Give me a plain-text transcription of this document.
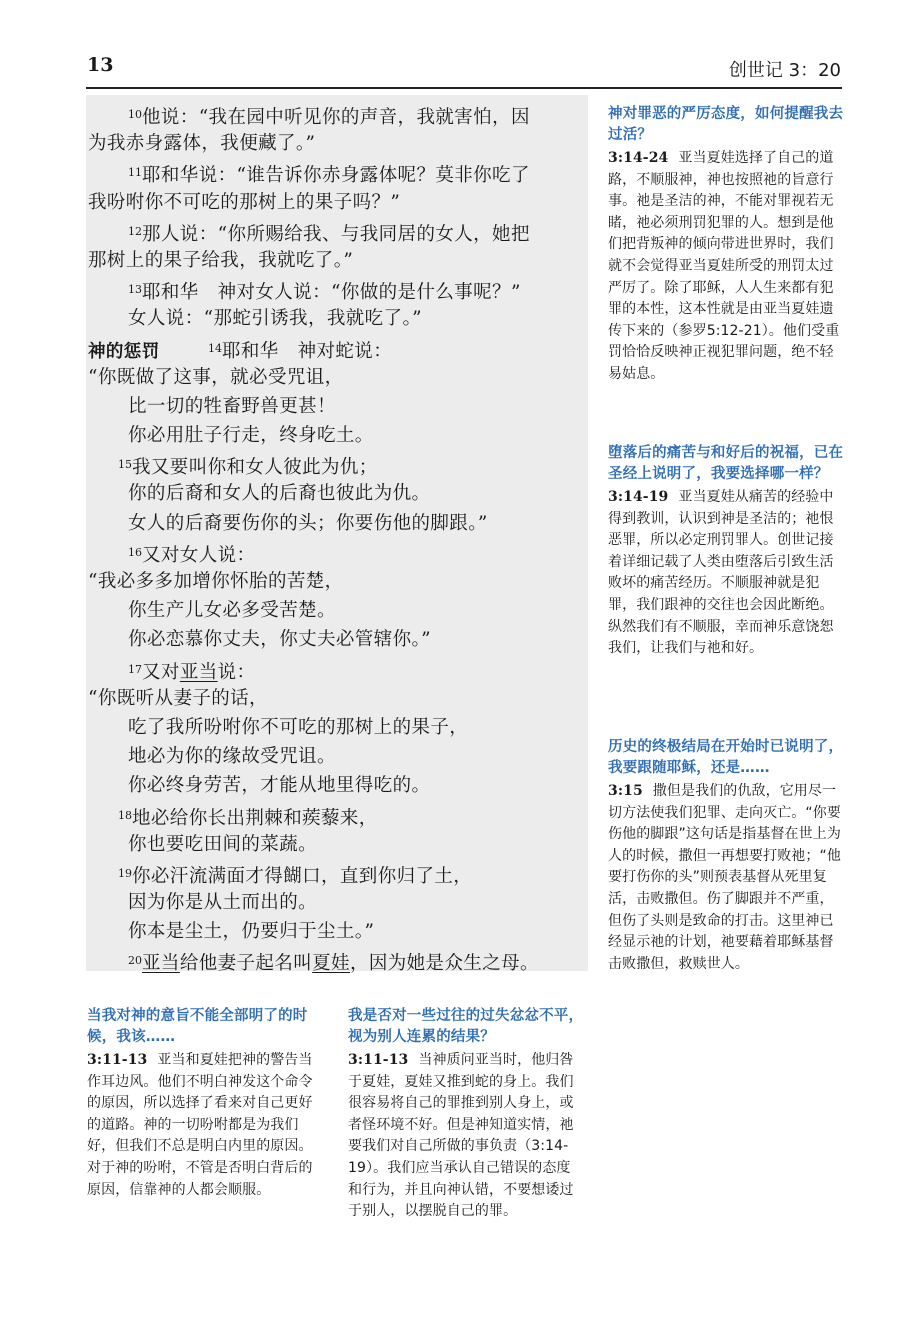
13	创世记 3：20
$^{10}$他说：“我在园中听见你的声音，我就害怕，因
为我赤身露体，我便藏了。”
$^{11}$耶和华说：“谁告诉你赤身露体呢？莫非你吃了
我吩咐你不可吃的那树上的果子吗？”
$^{12}$那人说：“你所赐给我、与我同居的女人，她把
那树上的果子给我，我就吃了。”
$^{13}$耶和华　神对女人说：“你做的是什么事呢？”
女人说：“那蛇引诱我，我就吃了。”
神的惩罚	$^{14}$耶和华　神对蛇说：
“你既做了这事，就必受咒诅，
比一切的牲畜野兽更甚！
你必用肚子行走，终身吃土。
$^{15}$我又要叫你和女人彼此为仇；
你的后裔和女人的后裔也彼此为仇。
女人的后裔要伤你的头；你要伤他的脚跟。”
$^{16}$又对女人说：
“我必多多加增你怀胎的苦楚，
你生产儿女必多受苦楚。
你必恋慕你丈夫，你丈夫必管辖你。”
$^{17}$又对亚当说：
“你既听从妻子的话，
吃了我所吩咐你不可吃的那树上的果子，
地必为你的缘故受咒诅。
你必终身劳苦，才能从地里得吃的。
$^{18}$地必给你长出荆棘和蒺藜来，
你也要吃田间的菜蔬。
$^{19}$你必汗流满面才得餬口，直到你归了土，
因为你是从土而出的。
你本是尘土，仍要归于尘土。”
$^{20}$亚当给他妻子起名叫夏娃，因为她是众生之母。
神对罪恶的严厉态度，如何提醒我去过活？
3:14-24 亚当夏娃选择了自己的道路，不顺服神，神也按照祂的旨意行事。祂是圣洁的神，不能对罪视若无睹，祂必须刑罚犯罪的人。想到是他们把背叛神的倾向带进世界时，我们就不会觉得亚当夏娃所受的刑罚太过严厉了。除了耶稣，人人生来都有犯罪的本性，这本性就是由亚当夏娃遗传下来的（参罗5:12-21）。他们受重罚恰恰反映神正视犯罪问题，绝不轻易姑息。
堕落后的痛苦与和好后的祝福，已在圣经上说明了，我要选择哪一样？
3:14-19 亚当夏娃从痛苦的经验中得到教训，认识到神是圣洁的；祂恨恶罪，所以必定刑罚罪人。创世记接着详细记载了人类由堕落后引致生活败坏的痛苦经历。不顺服神就是犯罪，我们跟神的交往也会因此断绝。纵然我们有不顺服，幸而神乐意饶恕我们，让我们与祂和好。
历史的终极结局在开始时已说明了，我要跟随耶稣，还是……
3:15 撒但是我们的仇敌，它用尽一切方法使我们犯罪、走向灭亡。“你要伤他的脚跟”这句话是指基督在世上为人的时候，撒但一再想要打败祂；“他要打伤你的头”则预表基督从死里复活，击败撒但。伤了脚跟并不严重，但伤了头则是致命的打击。这里神已经显示祂的计划，祂要藉着耶稣基督击败撒但，救赎世人。
当我对神的意旨不能全部明了的时候，我该……
3:11-13 亚当和夏娃把神的警告当作耳边风。他们不明白神发这个命令的原因，所以选择了看来对自己更好的道路。神的一切吩咐都是为我们好，但我们不总是明白内里的原因。对于神的吩咐，不管是否明白背后的原因，信靠神的人都会顺服。
我是否对一些过往的过失忿忿不平，视为别人连累的结果？
3:11-13 当神质问亚当时，他归咎于夏娃，夏娃又推到蛇的身上。我们很容易将自己的罪推到别人身上，或者怪环境不好。但是神知道实情，祂要我们对自己所做的事负责（3:14-19）。我们应当承认自己错误的态度和行为，并且向神认错，不要想诿过于别人，以摆脱自己的罪。
